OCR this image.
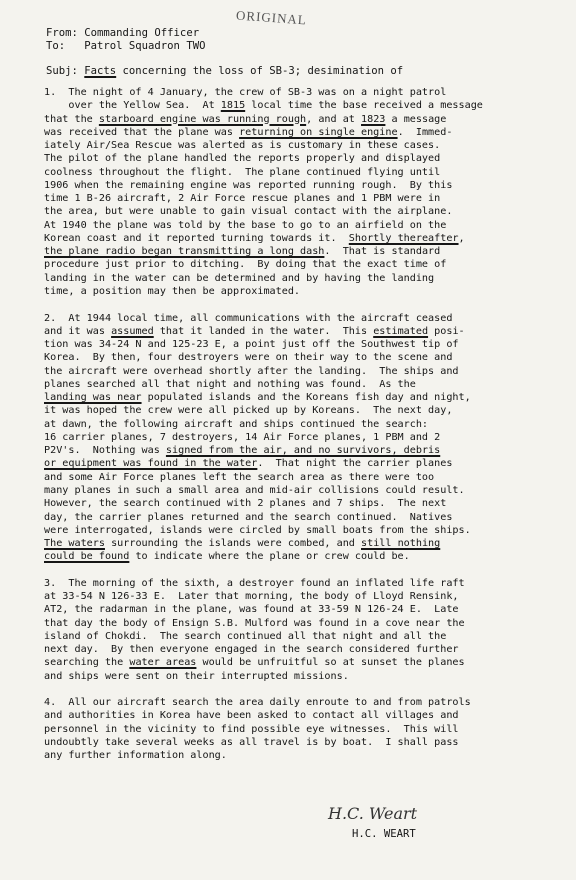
ORIGINAL
From: Commanding Officer
To:   Patrol Squadron TWO
Subj: Facts concerning the loss of SB-3; desimination of
1.  The night of 4 January, the crew of SB-3 was on a night patrol
over the Yellow Sea.  At 1815 local time the base received a message
that the starboard engine was running rough, and at 1823 a message
was received that the plane was returning on single engine.  Immed-
iately Air/Sea Rescue was alerted as is customary in these cases.
The pilot of the plane handled the reports properly and displayed
coolness throughout the flight.  The plane continued flying until
1906 when the remaining engine was reported running rough.  By this
time 1 B-26 aircraft, 2 Air Force rescue planes and 1 PBM were in
the area, but were unable to gain visual contact with the airplane.
At 1940 the plane was told by the base to go to an airfield on the
Korean coast and it reported turning towards it.  Shortly thereafter,
the plane radio began transmitting a long dash.  That is standard
procedure just prior to ditching.  By doing that the exact time of
landing in the water can be determined and by having the landing
time, a position may then be approximated.
2.  At 1944 local time, all communications with the aircraft ceased
and it was assumed that it landed in the water.  This estimated posi-
tion was 34-24 N and 125-23 E, a point just off the Southwest tip of
Korea.  By then, four destroyers were on their way to the scene and
the aircraft were overhead shortly after the landing.  The ships and
planes searched all that night and nothing was found.  As the
landing was near populated islands and the Koreans fish day and night,
it was hoped the crew were all picked up by Koreans.  The next day,
at dawn, the following aircraft and ships continued the search:
16 carrier planes, 7 destroyers, 14 Air Force planes, 1 PBM and 2
P2V's.  Nothing was signed from the air, and no survivors, debris
or equipment was found in the water.  That night the carrier planes
and some Air Force planes left the search area as there were too
many planes in such a small area and mid-air collisions could result.
However, the search continued with 2 planes and 7 ships.  The next
day, the carrier planes returned and the search continued.  Natives
were interrogated, islands were circled by small boats from the ships.
The waters surrounding the islands were combed, and still nothing
could be found to indicate where the plane or crew could be.
3.  The morning of the sixth, a destroyer found an inflated life raft
at 33-54 N 126-33 E.  Later that morning, the body of Lloyd Rensink,
AT2, the radarman in the plane, was found at 33-59 N 126-24 E.  Late
that day the body of Ensign S.B. Mulford was found in a cove near the
island of Chokdi.  The search continued all that night and all the
next day.  By then everyone engaged in the search considered further
searching the water areas would be unfruitful so at sunset the planes
and ships were sent on their interrupted missions.
4.  All our aircraft search the area daily enroute to and from patrols
and authorities in Korea have been asked to contact all villages and
personnel in the vicinity to find possible eye witnesses.  This will
undoubtly take several weeks as all travel is by boat.  I shall pass
any further information along.
H.C. Weart
H.C. WEART
